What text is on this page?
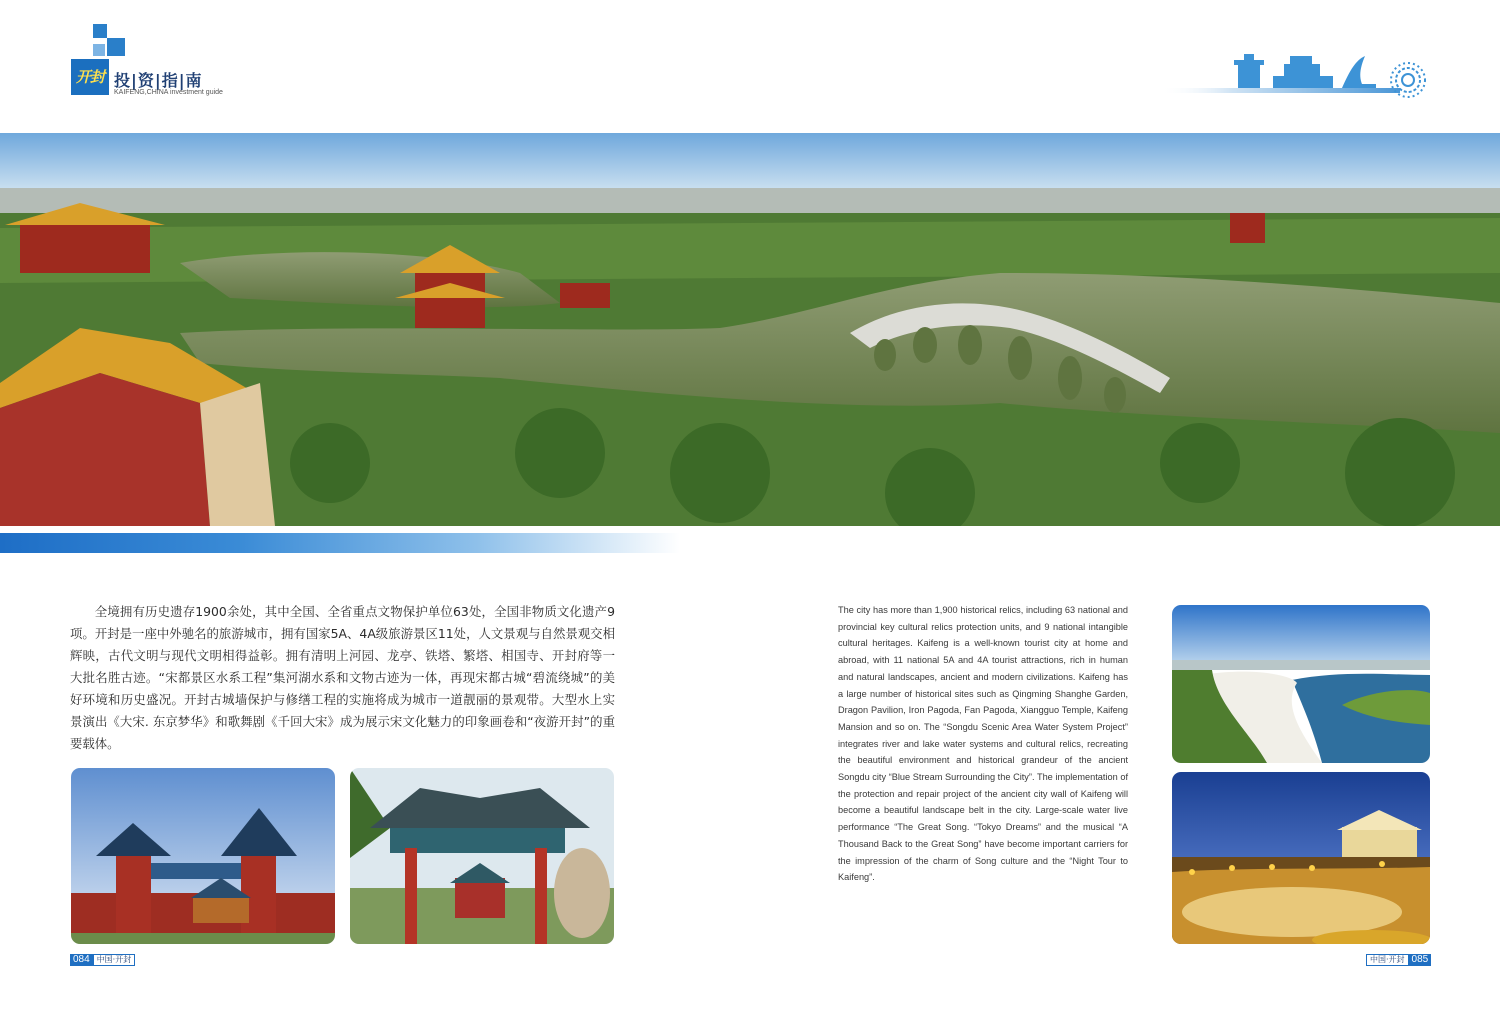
开封 投|资|指|南
KAIFENG,CHINA investment guide

全境拥有历史遗存1900余处，其中全国、全省重点文物保护单位63处，全国非物质文化遗产9项。开封是一座中外驰名的旅游城市，拥有国家5A、4A级旅游景区11处，人文景观与自然景观交相辉映，古代文明与现代文明相得益彰。拥有清明上河园、龙亭、铁塔、繁塔、相国寺、开封府等一大批名胜古迹。“宋都景区水系工程”集河湖水系和文物古迹为一体，再现宋都古城“碧流绕城”的美好环境和历史盛况。开封古城墙保护与修缮工程的实施将成为城市一道靓丽的景观带。大型水上实景演出《大宋. 东京梦华》和歌舞剧《千回大宋》成为展示宋文化魅力的印象画卷和“夜游开封”的重要载体。

The city has more than 1,900 historical relics, including 63 national and provincial key cultural relics protection units, and 9 national intangible cultural heritages. Kaifeng is a well-known tourist city at home and abroad, with 11 national 5A and 4A tourist attractions, rich in human and natural landscapes, ancient and modern civilizations. Kaifeng has a large number of historical sites such as Qingming Shanghe Garden, Dragon Pavilion, Iron Pagoda, Fan Pagoda, Xiangguo Temple, Kaifeng Mansion and so on. The “Songdu Scenic Area Water System Project” integrates river and lake water systems and cultural relics, recreating the beautiful environment and historical grandeur of the ancient Songdu city “Blue Stream Surrounding the City”. The implementation of the protection and repair project of the ancient city wall of Kaifeng will become a beautiful landscape belt in the city. Large-scale water live performance “The Great Song. “Tokyo Dreams” and the musical “A Thousand Back to the Great Song” have become important carriers for the impression of the charm of Song culture and the “Night Tour to Kaifeng”.

084 中国·开封	中国·开封 085
